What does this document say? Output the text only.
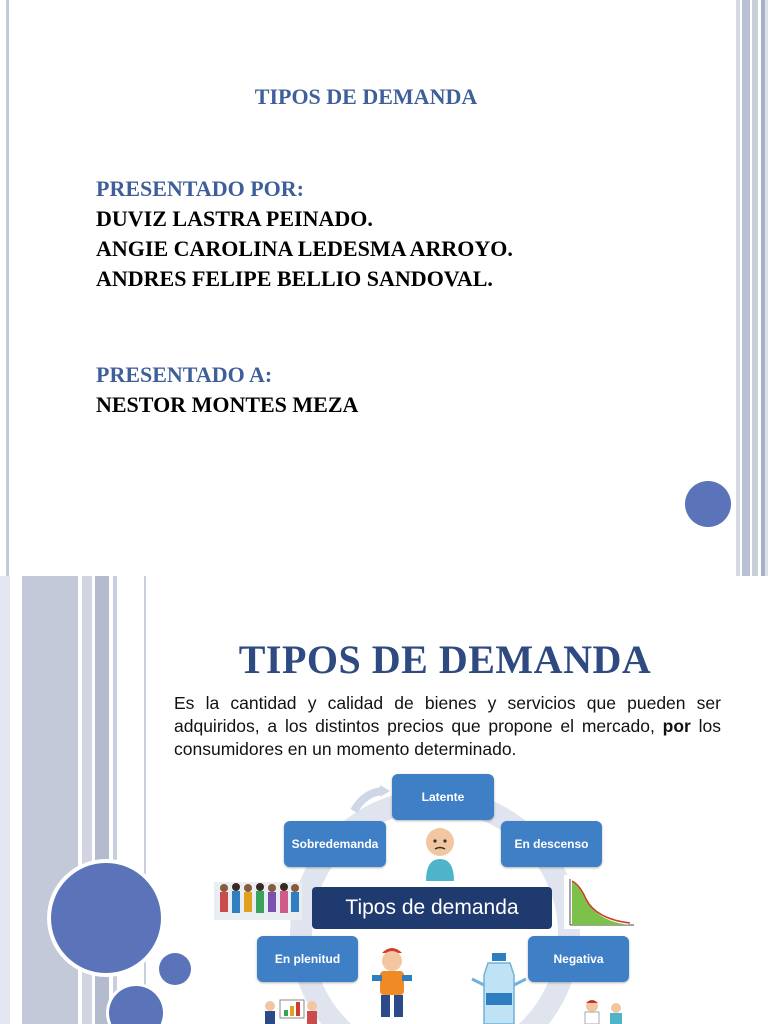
TIPOS DE DEMANDA
PRESENTADO POR:
DUVIZ LASTRA PEINADO.
ANGIE CAROLINA LEDESMA ARROYO.
ANDRES FELIPE BELLIO SANDOVAL.
PRESENTADO A:
NESTOR MONTES MEZA
TIPOS DE DEMANDA
Es la cantidad y calidad de bienes y servicios que pueden ser adquiridos, a los distintos precios que propone el mercado, por los consumidores en un momento determinado.
Latente
Sobredemanda	En descenso
En plenitud	Negativa
Tipos de demanda
